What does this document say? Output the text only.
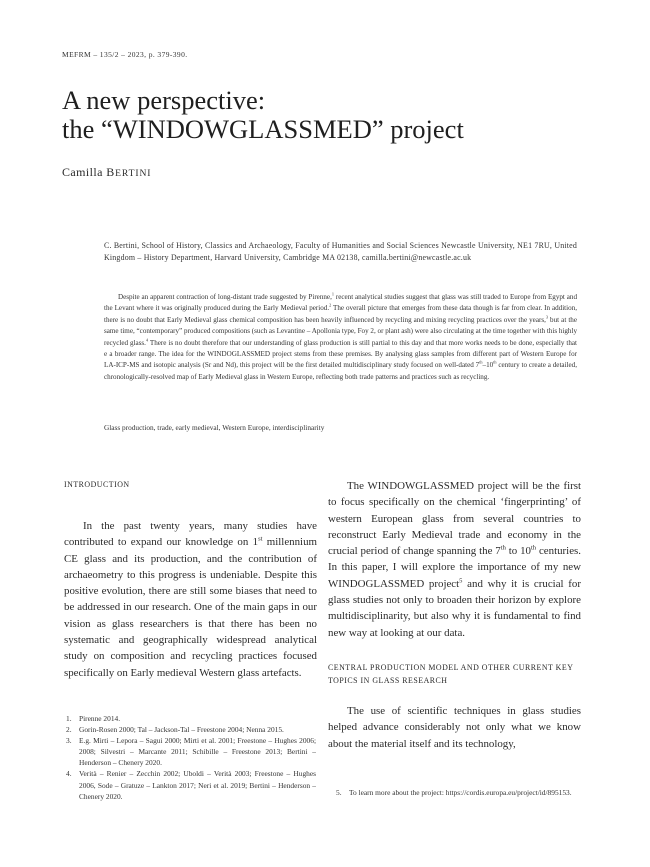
MEFRM – 135/2 – 2023, p. 379-390.
A new perspective:
the “WINDOWGLASSMED” project
Camilla BERTINI
C. Bertini, School of History, Classics and Archaeology, Faculty of Humanities and Social Sciences Newcastle University, NE1 7RU, United Kingdom – History Department, Harvard University, Cambridge MA 02138, camilla.bertini@newcastle.ac.uk
Despite an apparent contraction of long-distant trade suggested by Pirenne,$^1$ recent analytical studies suggest that glass was still traded to Europe from Egypt and the Levant where it was originally produced during the Early Medieval period.$^2$ The overall picture that emerges from these data though is far from clear. In addition, there is no doubt that Early Medieval glass chemical composition has been heavily influenced by recycling and mixing recycling practices over the years,$^3$ but at the same time, “contemporary” produced compositions (such as Levantine – Apollonia type, Foy 2, or plant ash) were also circulating at the time together with this highly recycled glass.$^4$ There is no doubt therefore that our understanding of glass production is still partial to this day and that more works needs to be done, especially that e a broader range. The idea for the WINDOGLASSMED project stems from these premises. By analysing glass samples from different part of Western Europe for LA-ICP-MS and isotopic analysis (Sr and Nd), this project will be the first detailed multidisciplinary study focused on well-dated 7th–10th century to create a detailed, chronologically-resolved map of Early Medieval glass in Western Europe, reflecting both trade patterns and practices such as recycling.
Glass production, trade, early medieval, Western Europe, interdisciplinarity
INTRODUCTION
In the past twenty years, many studies have contributed to expand our knowledge on 1st millennium CE glass and its production, and the contribution of archaeometry to this progress is undeniable. Despite this positive evolution, there are still some biases that need to be addressed in our research. One of the main gaps in our vision as glass researchers is that there has been no systematic and geographically widespread analytical study on composition and recycling practices focused specifically on Early medieval Western glass artefacts.
The WINDOWGLASSMED project will be the first to focus specifically on the chemical ‘fingerprinting’ of western European glass from several countries to reconstruct Early Medieval trade and economy in the crucial period of change spanning the 7th to 10th centuries. In this paper, I will explore the importance of my new WINDOGLASSMED project$^5$ and why it is crucial for glass studies not only to broaden their horizon by explore multidisciplinarity, but also why it is fundamental to find new way at looking at our data.
CENTRAL PRODUCTION MODEL AND OTHER CURRENT KEY TOPICS IN GLASS RESEARCH
The use of scientific techniques in glass studies helped advance considerably not only what we know about the material itself and its technology,
1.	Pirenne 2014.
2.	Gorin-Rosen 2000; Tal – Jackson-Tal – Freestone 2004; Nenna 2015.
3.	E.g. Mirti – Lepora – Sagui 2000; Mirti et al. 2001; Freestone – Hughes 2006; 2008; Silvestri – Marcante 2011; Schibille – Freestone 2013; Bertini – Henderson – Chenery 2020.
4.	Verità – Renier – Zecchin 2002; Uboldi – Verità 2003; Freestone – Hughes 2006, Sode – Gratuze – Lankton 2017; Neri et al. 2019; Bertini – Henderson – Chenery 2020.	5.	To learn more about the project: https://cordis.europa.eu/project/id/895153.
